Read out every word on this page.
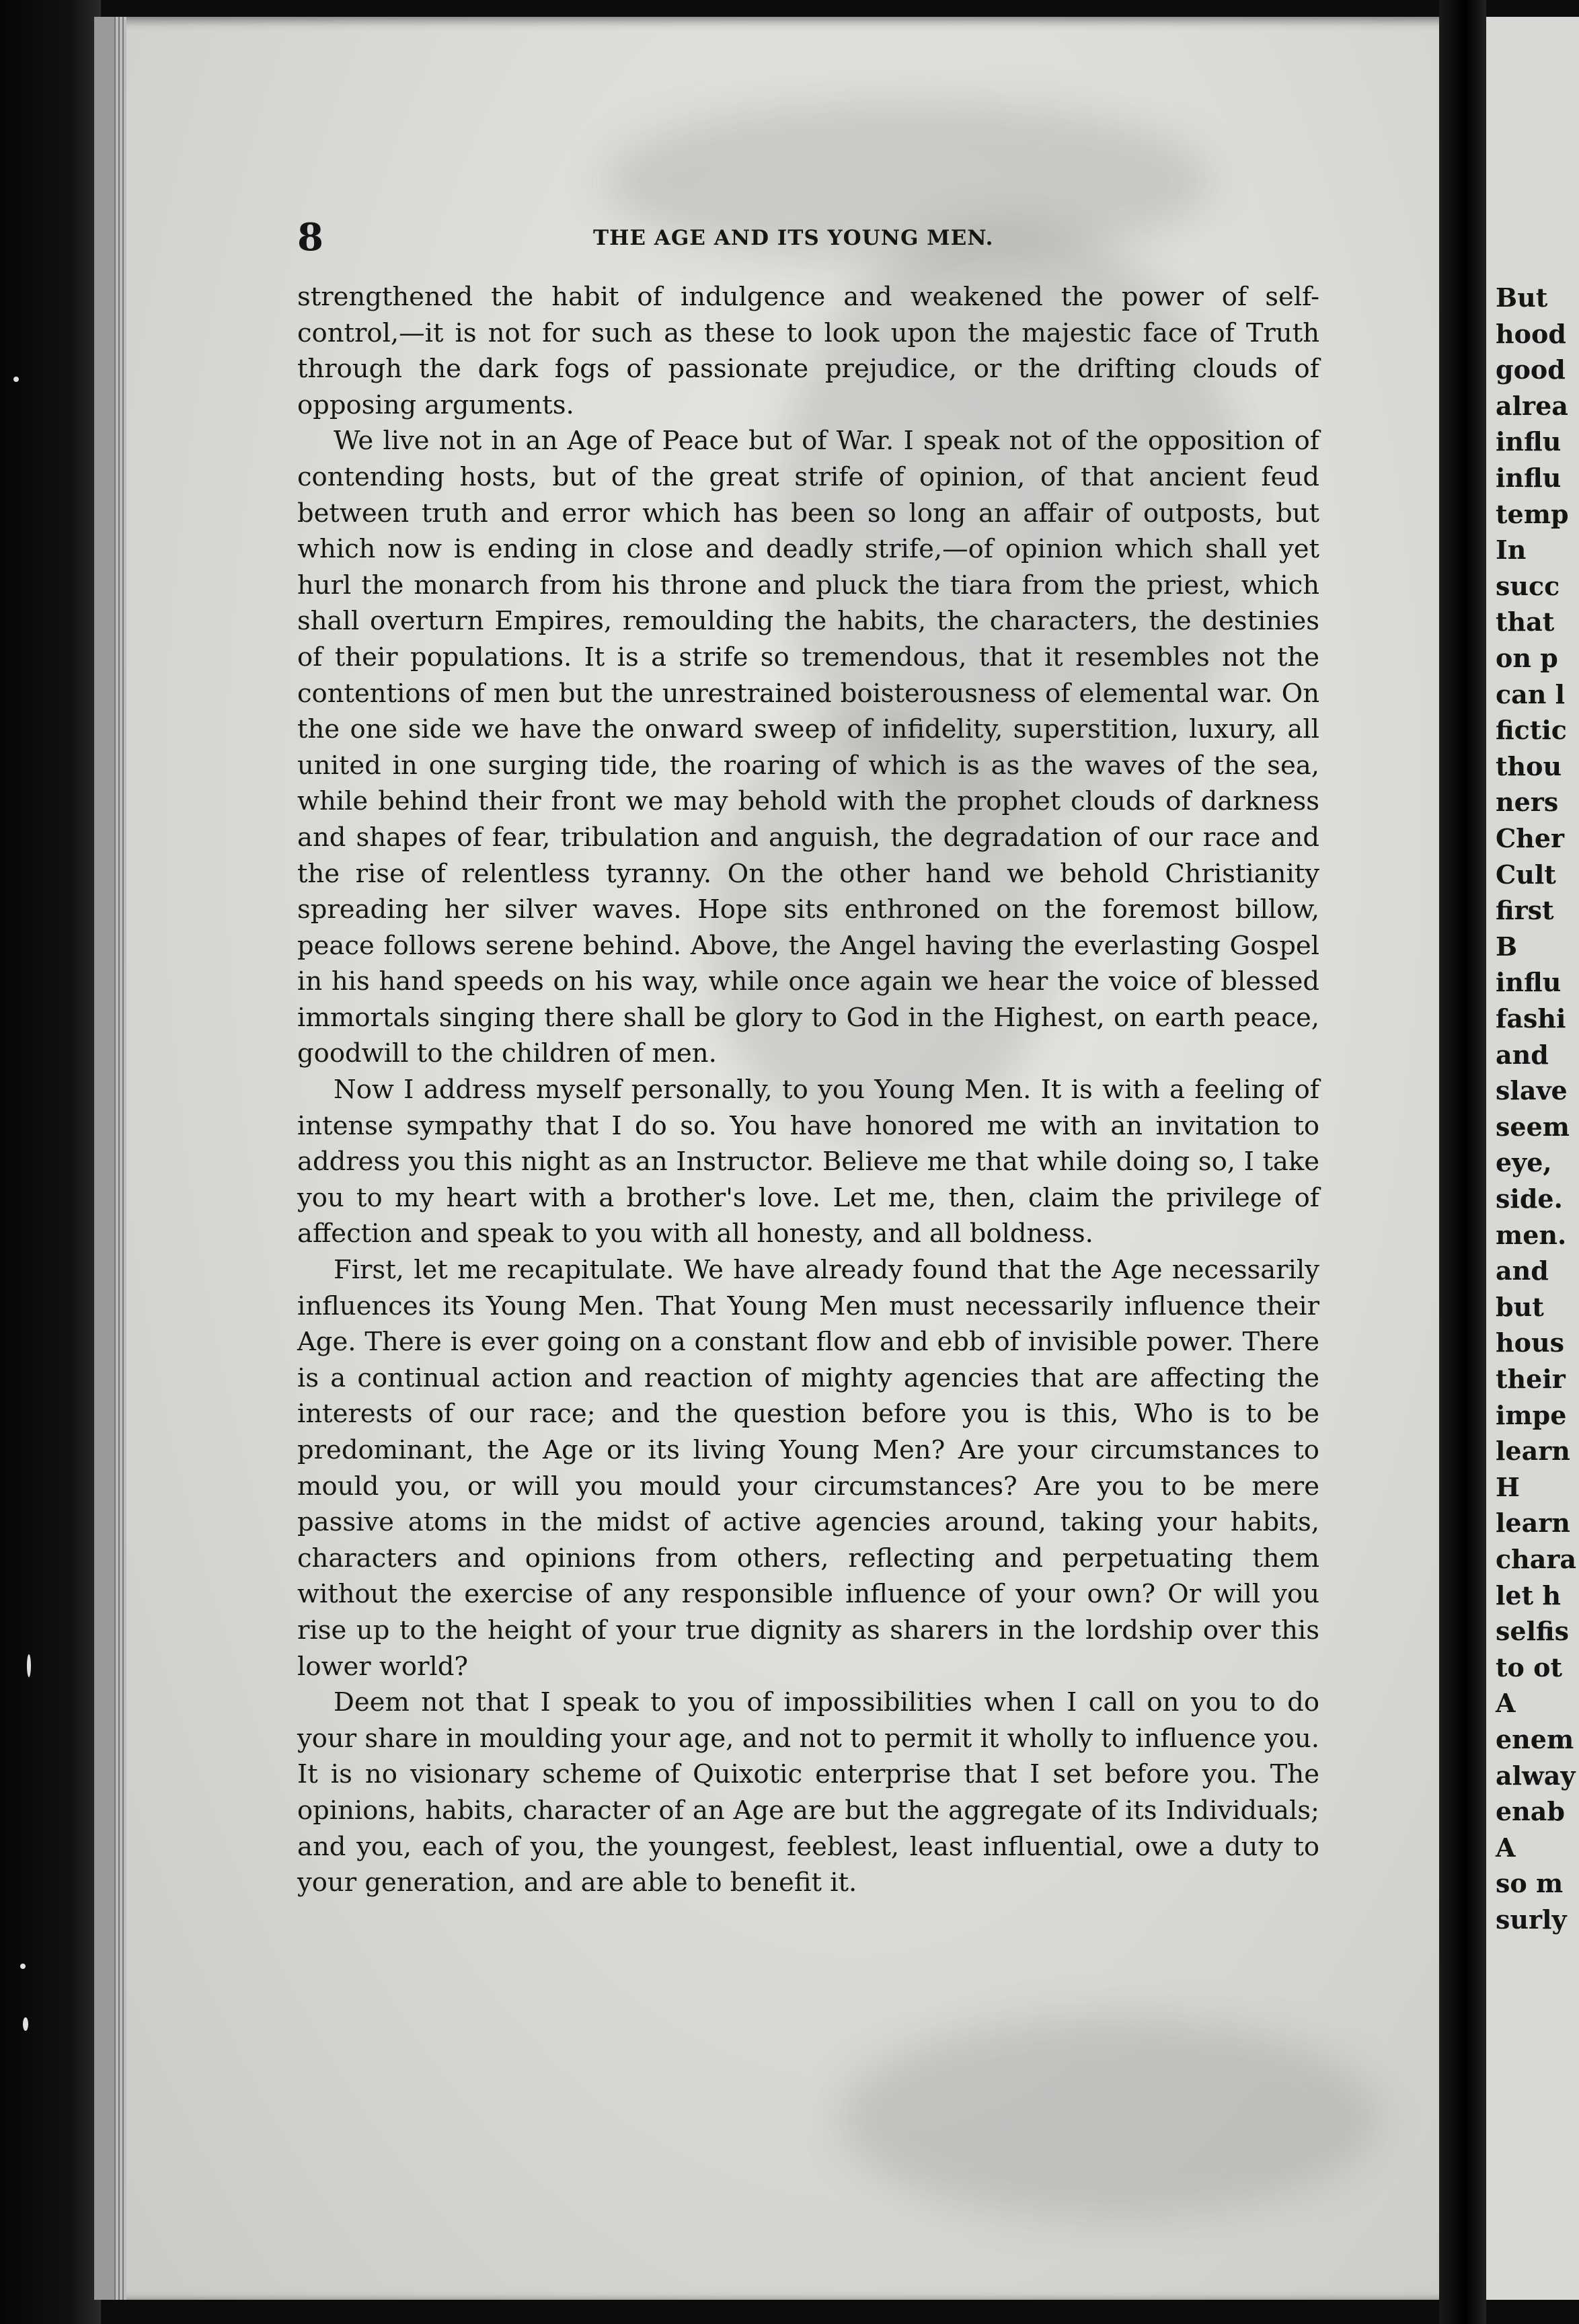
But
hood
good
alrea
influ
influ
temp
In
succ
that
on p
can l
fictic
thou
ners
Cher
Cult
first
B
influ
fashi
and
slave
seem
eye,
side.
men.
and
but
hous
their
impe
learn
H
learn
chara
let h
selfis
to ot
A
enem
alway
enab
A
so m
surly
8	THE AGE AND ITS YOUNG MEN.

strengthened the habit of indulgence and weakened the power of self-control,—it is not for such as these to look upon the majestic face of Truth through the dark fogs of passionate prejudice, or the drifting clouds of opposing arguments.

We live not in an Age of Peace but of War. I speak not of the opposition of contending hosts, but of the great strife of opinion, of that ancient feud between truth and error which has been so long an affair of outposts, but which now is ending in close and deadly strife,—of opinion which shall yet hurl the monarch from his throne and pluck the tiara from the priest, which shall overturn Empires, remoulding the habits, the characters, the destinies of their populations. It is a strife so tremendous, that it resembles not the contentions of men but the unrestrained boisterousness of elemental war. On the one side we have the onward sweep of infidelity, superstition, luxury, all united in one surging tide, the roaring of which is as the waves of the sea, while behind their front we may behold with the prophet clouds of darkness and shapes of fear, tribulation and anguish, the degradation of our race and the rise of relentless tyranny. On the other hand we behold Christianity spreading her silver waves. Hope sits enthroned on the foremost billow, peace follows serene behind. Above, the Angel having the everlasting Gospel in his hand speeds on his way, while once again we hear the voice of blessed immortals singing there shall be glory to God in the Highest, on earth peace, goodwill to the children of men.

Now I address myself personally, to you Young Men. It is with a feeling of intense sympathy that I do so. You have honored me with an invitation to address you this night as an Instructor. Believe me that while doing so, I take you to my heart with a brother's love. Let me, then, claim the privilege of affection and speak to you with all honesty, and all boldness.

First, let me recapitulate. We have already found that the Age necessarily influences its Young Men. That Young Men must necessarily influence their Age. There is ever going on a constant flow and ebb of invisible power. There is a continual action and reaction of mighty agencies that are affecting the interests of our race; and the question before you is this, Who is to be predominant, the Age or its living Young Men? Are your circumstances to mould you, or will you mould your circumstances? Are you to be mere passive atoms in the midst of active agencies around, taking your habits, characters and opinions from others, reflecting and perpetuating them without the exercise of any responsible influence of your own? Or will you rise up to the height of your true dignity as sharers in the lordship over this lower world?

Deem not that I speak to you of impossibilities when I call on you to do your share in moulding your age, and not to permit it wholly to influence you. It is no visionary scheme of Quixotic enterprise that I set before you. The opinions, habits, character of an Age are but the aggregate of its Individuals; and you, each of you, the youngest, feeblest, least influential, owe a duty to your generation, and are able to benefit it.
